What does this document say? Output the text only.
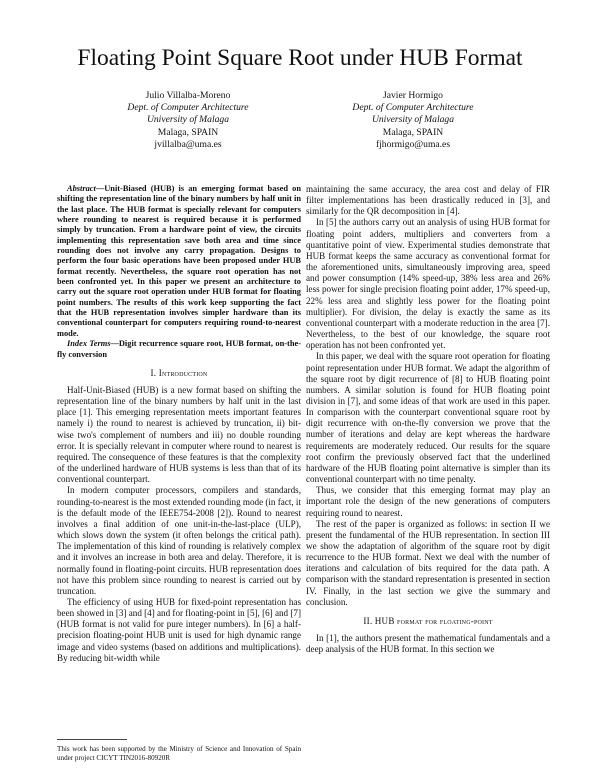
Floating Point Square Root under HUB Format
Julio Villalba-Moreno
Dept. of Computer Architecture
University of Malaga
Malaga, SPAIN
jvillalba@uma.es
Javier Hormigo
Dept. of Computer Architecture
University of Malaga
Malaga, SPAIN
fjhormigo@uma.es

Abstract—Unit-Biased (HUB) is an emerging format based on shifting the representation line of the binary numbers by half unit in the last place. The HUB format is specially relevant for computers where rounding to nearest is required because it is performed simply by truncation. From a hardware point of view, the circuits implementing this representation save both area and time since rounding does not involve any carry propagation. Designs to perform the four basic operations have been proposed under HUB format recently. Nevertheless, the square root operation has not been confronted yet. In this paper we present an architecture to carry out the square root operation under HUB format for floating point numbers. The results of this work keep supporting the fact that the HUB representation involves simpler hardware than its conventional counterpart for computers requiring round-to-nearest mode.

Index Terms—Digit recurrence square root, HUB format, on-the-fly conversion

I. Introduction

Half-Unit-Biased (HUB) is a new format based on shifting the representation line of the binary numbers by half unit in the last place [1]. This emerging representation meets important features namely i) the round to nearest is achieved by truncation, ii) bit-wise two's complement of numbers and iii) no double rounding error. It is specially relevant in computer where round to nearest is required. The consequence of these features is that the complexity of the underlined hardware of HUB systems is less than that of its conventional counterpart.

In modern computer processors, compilers and standards, rounding-to-nearest is the most extended rounding mode (in fact, it is the default mode of the IEEE754-2008 [2]). Round to nearest involves a final addition of one unit-in-the-last-place (ULP), which slows down the system (it often belongs the critical path). The implementation of this kind of rounding is relatively complex and it involves an increase in both area and delay. Therefore, it is normally found in floating-point circuits. HUB representation does not have this problem since rounding to nearest is carried out by truncation.

The efficiency of using HUB for fixed-point representation has been showed in [3] and [4] and for floating-point in [5], [6] and [7] (HUB format is not valid for pure integer numbers). In [6] a half-precision floating-point HUB unit is used for high dynamic range image and video systems (based on additions and multiplications). By reducing bit-width while

This work has been supported by the Ministry of Science and Innovation of Spain under project CICYT TIN2016-80920R

maintaining the same accuracy, the area cost and delay of FIR filter implementations has been drastically reduced in [3], and similarly for the QR decomposition in [4].

In [5] the authors carry out an analysis of using HUB format for floating point adders, multipliers and converters from a quantitative point of view. Experimental studies demonstrate that HUB format keeps the same accuracy as conventional format for the aforementioned units, simultaneously improving area, speed and power consumption (14% speed-up, 38% less area and 26% less power for single precision floating point adder, 17% speed-up, 22% less area and slightly less power for the floating point multiplier). For division, the delay is exactly the same as its conventional counterpart with a moderate reduction in the area [7]. Nevertheless, to the best of our knowledge, the square root operation has not been confronted yet.

In this paper, we deal with the square root operation for floating point representation under HUB format. We adapt the algorithm of the square root by digit recurrence of [8] to HUB floating point numbers. A similar solution is found for HUB floating point division in [7], and some ideas of that work are used in this paper. In comparison with the counterpart conventional square root by digit recurrence with on-the-fly conversion we prove that the number of iterations and delay are kept whereas the hardware requirements are moderately reduced. Our results for the square root confirm the previously observed fact that the underlined hardware of the HUB floating point alternative is simpler than its conventional counterpart with no time penalty.

Thus, we consider that this emerging format may play an important role the design of the new generations of computers requiring round to nearest.

The rest of the paper is organized as follows: in section II we present the fundamental of the HUB representation. In section III we show the adaptation of algorithm of the square root by digit recurrence to the HUB format. Next we deal with the number of iterations and calculation of bits required for the data path. A comparison with the standard representation is presented in section IV. Finally, in the last section we give the summary and conclusion.

II. HUB format for floating-point

In [1], the authors present the mathematical fundamentals and a deep analysis of the HUB format. In this section we
